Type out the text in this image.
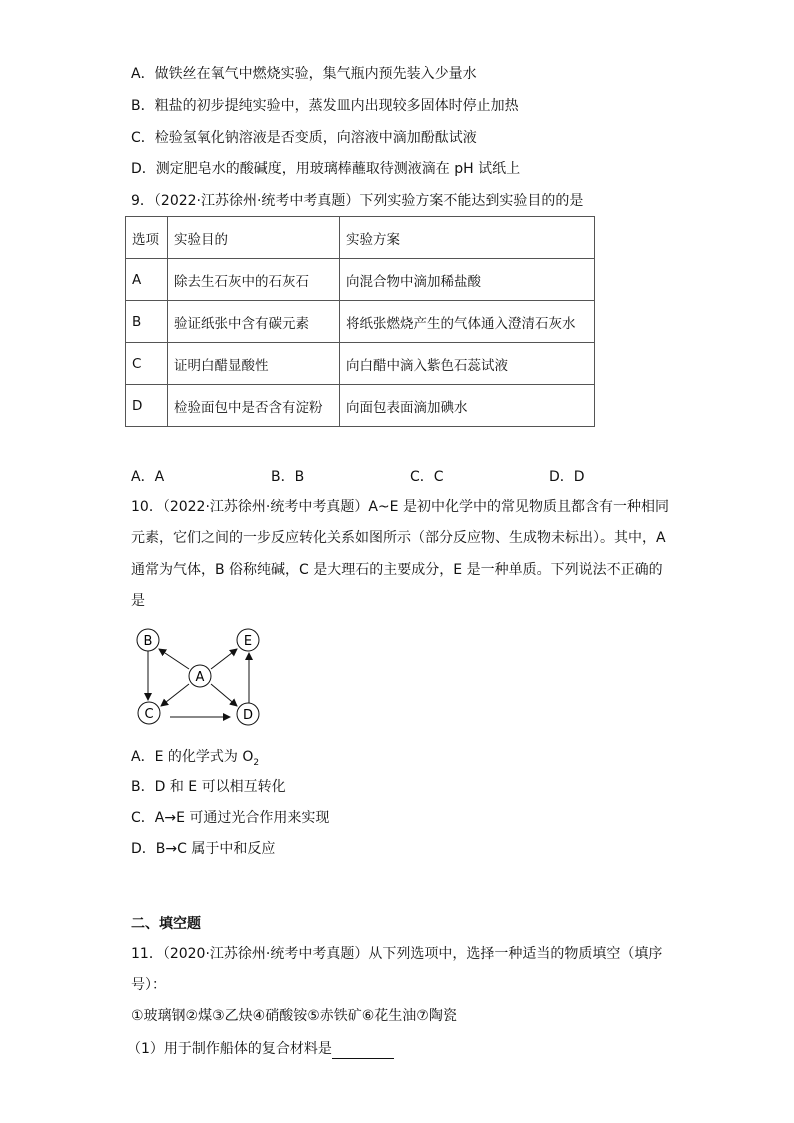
A．做铁丝在氧气中燃烧实验，集气瓶内预先装入少量水
B．粗盐的初步提纯实验中，蒸发皿内出现较多固体时停止加热
C．检验氢氧化钠溶液是否变质，向溶液中滴加酚酞试液
D．测定肥皂水的酸碱度，用玻璃棒蘸取待测液滴在 pH 试纸上
9．（2022·江苏徐州·统考中考真题）下列实验方案不能达到实验目的的是
选项	实验目的	实验方案
A	除去生石灰中的石灰石	向混合物中滴加稀盐酸
B	验证纸张中含有碳元素	将纸张燃烧产生的气体通入澄清石灰水
C	证明白醋显酸性	向白醋中滴入紫色石蕊试液
D	检验面包中是否含有淀粉	向面包表面滴加碘水
A．A	B．B	C．C	D．D
10．（2022·江苏徐州·统考中考真题）A~E 是初中化学中的常见物质且都含有一种相同
元素，它们之间的一步反应转化关系如图所示（部分反应物、生成物未标出）。其中，A
通常为气体，B 俗称纯碱，C 是大理石的主要成分，E 是一种单质。下列说法不正确的
是
B	E
A
C	D
A．E 的化学式为 $O_2$
B．D 和 E 可以相互转化
C．A→E 可通过光合作用来实现
D．B→C 属于中和反应
二、填空题
11．（2020·江苏徐州·统考中考真题）从下列选项中，选择一种适当的物质填空（填序
号）：
①玻璃钢②煤③乙炔④硝酸铵⑤赤铁矿⑥花生油⑦陶瓷
（1）用于制作船体的复合材料是
